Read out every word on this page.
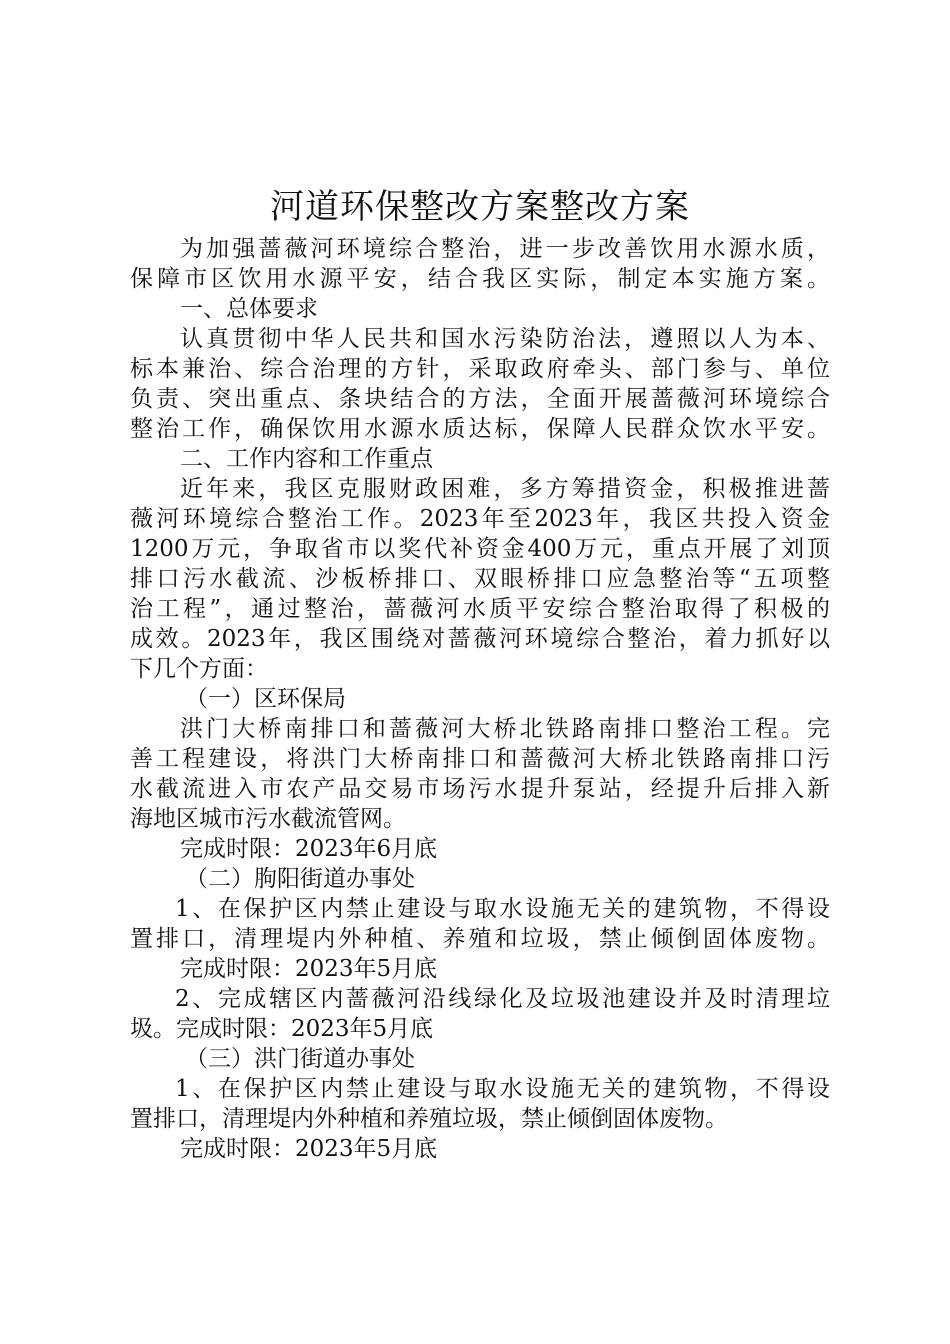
河道环保整改方案整改方案
为加强蔷薇河环境综合整治，进一步改善饮用水源水质，
保障市区饮用水源平安，结合我区实际，制定本实施方案。
一、总体要求
认真贯彻中华人民共和国水污染防治法，遵照以人为本、
标本兼治、综合治理的方针，采取政府牵头、部门参与、单位
负责、突出重点、条块结合的方法，全面开展蔷薇河环境综合
整治工作，确保饮用水源水质达标，保障人民群众饮水平安。
二、工作内容和工作重点
近年来，我区克服财政困难，多方筹措资金，积极推进蔷
薇河环境综合整治工作。2023年至2023年，我区共投入资金
1200万元，争取省市以奖代补资金400万元，重点开展了刘顶
排口污水截流、沙板桥排口、双眼桥排口应急整治等“五项整
治工程”，通过整治，蔷薇河水质平安综合整治取得了积极的
成效。2023年，我区围绕对蔷薇河环境综合整治，着力抓好以
下几个方面：
（一）区环保局
洪门大桥南排口和蔷薇河大桥北铁路南排口整治工程。完
善工程建设，将洪门大桥南排口和蔷薇河大桥北铁路南排口污
水截流进入市农产品交易市场污水提升泵站，经提升后排入新
海地区城市污水截流管网。
完成时限：2023年6月底
（二）朐阳街道办事处
1、在保护区内禁止建设与取水设施无关的建筑物，不得设
置排口，清理堤内外种植、养殖和垃圾，禁止倾倒固体废物。
完成时限：2023年5月底
2、完成辖区内蔷薇河沿线绿化及垃圾池建设并及时清理垃
圾。完成时限：2023年5月底
（三）洪门街道办事处
1、在保护区内禁止建设与取水设施无关的建筑物，不得设
置排口，清理堤内外种植和养殖垃圾，禁止倾倒固体废物。
完成时限：2023年5月底
